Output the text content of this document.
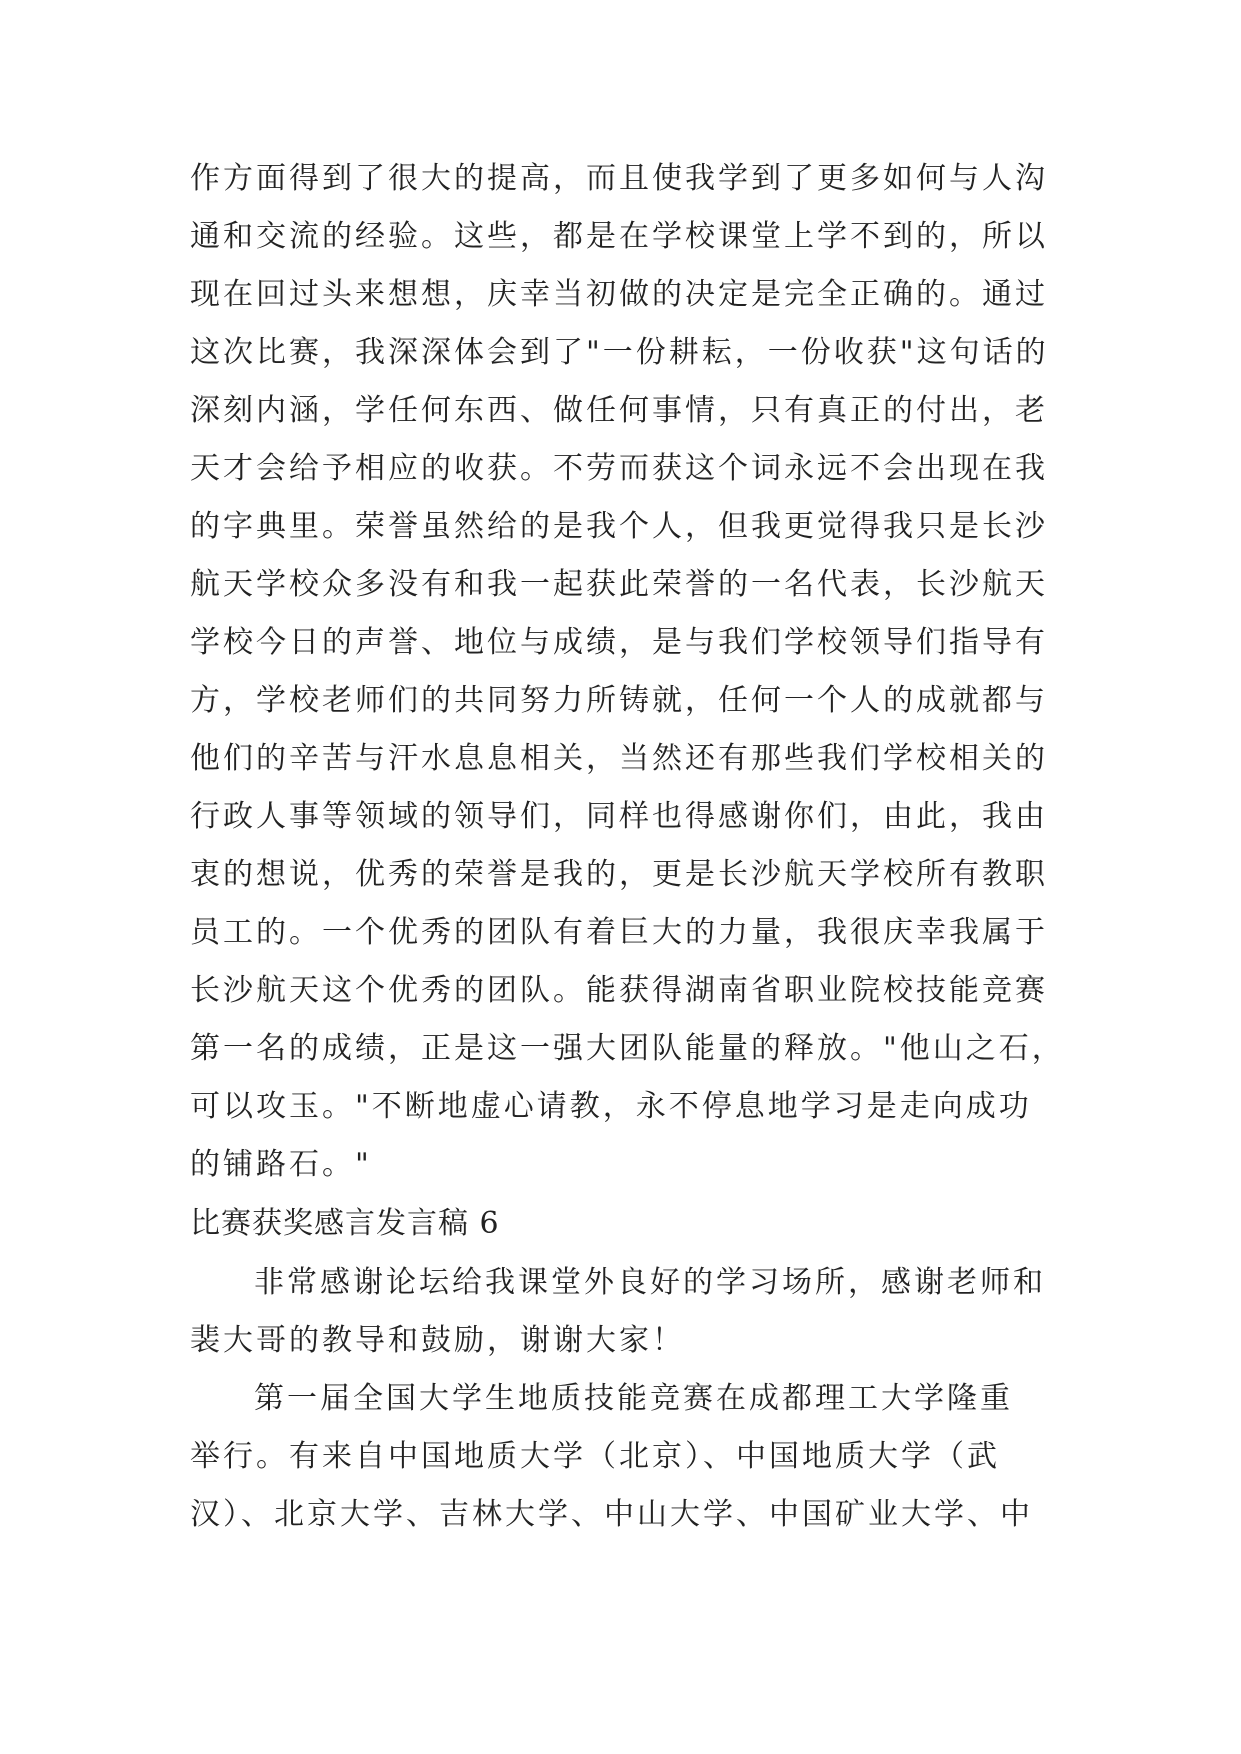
作方面得到了很大的提高，而且使我学到了更多如何与人沟
通和交流的经验。这些，都是在学校课堂上学不到的，所以
现在回过头来想想，庆幸当初做的决定是完全正确的。通过
这次比赛，我深深体会到了"一份耕耘，一份收获"这句话的
深刻内涵，学任何东西、做任何事情，只有真正的付出，老
天才会给予相应的收获。不劳而获这个词永远不会出现在我
的字典里。荣誉虽然给的是我个人，但我更觉得我只是长沙
航天学校众多没有和我一起获此荣誉的一名代表，长沙航天
学校今日的声誉、地位与成绩，是与我们学校领导们指导有
方，学校老师们的共同努力所铸就，任何一个人的成就都与
他们的辛苦与汗水息息相关，当然还有那些我们学校相关的
行政人事等领域的领导们，同样也得感谢你们，由此，我由
衷的想说，优秀的荣誉是我的，更是长沙航天学校所有教职
员工的。一个优秀的团队有着巨大的力量，我很庆幸我属于
长沙航天这个优秀的团队。能获得湖南省职业院校技能竞赛
第一名的成绩，正是这一强大团队能量的释放。"他山之石，
可以攻玉。"不断地虚心请教，永不停息地学习是走向成功
的铺路石。"
比赛获奖感言发言稿 6
非常感谢论坛给我课堂外良好的学习场所，感谢老师和
裴大哥的教导和鼓励，谢谢大家！
第一届全国大学生地质技能竞赛在成都理工大学隆重
举行。有来自中国地质大学（北京）、中国地质大学（武
汉）、北京大学、吉林大学、中山大学、中国矿业大学、中
